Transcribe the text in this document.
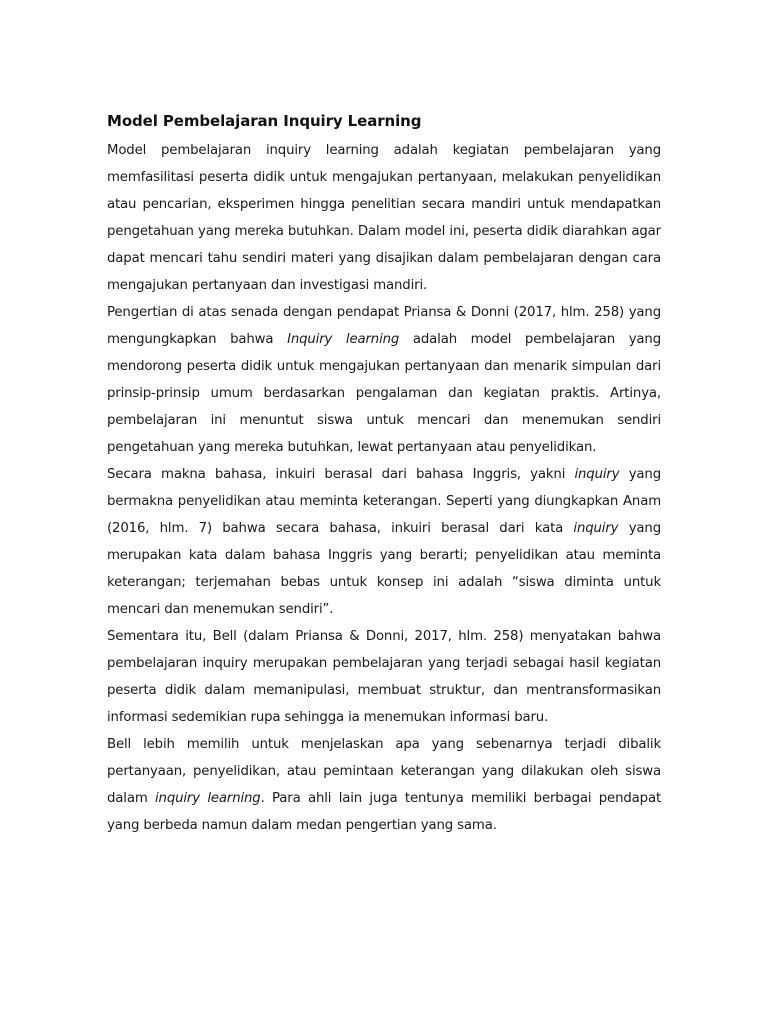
Model Pembelajaran Inquiry Learning

Model pembelajaran inquiry learning adalah kegiatan pembelajaran yang memfasilitasi peserta didik untuk mengajukan pertanyaan, melakukan penyelidikan atau pencarian, eksperimen hingga penelitian secara mandiri untuk mendapatkan pengetahuan yang mereka butuhkan. Dalam model ini, peserta didik diarahkan agar dapat mencari tahu sendiri materi yang disajikan dalam pembelajaran dengan cara mengajukan pertanyaan dan investigasi mandiri.

Pengertian di atas senada dengan pendapat Priansa & Donni (2017, hlm. 258) yang mengungkapkan bahwa Inquiry learning adalah model pembelajaran yang mendorong peserta didik untuk mengajukan pertanyaan dan menarik simpulan dari prinsip-prinsip umum berdasarkan pengalaman dan kegiatan praktis. Artinya, pembelajaran ini menuntut siswa untuk mencari dan menemukan sendiri pengetahuan yang mereka butuhkan, lewat pertanyaan atau penyelidikan.

Secara makna bahasa, inkuiri berasal dari bahasa Inggris, yakni inquiry yang bermakna penyelidikan atau meminta keterangan. Seperti yang diungkapkan Anam (2016, hlm. 7) bahwa secara bahasa, inkuiri berasal dari kata inquiry yang merupakan kata dalam bahasa Inggris yang berarti; penyelidikan atau meminta keterangan; terjemahan bebas untuk konsep ini adalah “siswa diminta untuk mencari dan menemukan sendiri”.

Sementara itu, Bell (dalam Priansa & Donni, 2017, hlm. 258) menyatakan bahwa pembelajaran inquiry merupakan pembelajaran yang terjadi sebagai hasil kegiatan peserta didik dalam memanipulasi, membuat struktur, dan mentransformasikan informasi sedemikian rupa sehingga ia menemukan informasi baru.

Bell lebih memilih untuk menjelaskan apa yang sebenarnya terjadi dibalik pertanyaan, penyelidikan, atau pemintaan keterangan yang dilakukan oleh siswa dalam inquiry learning. Para ahli lain juga tentunya memiliki berbagai pendapat yang berbeda namun dalam medan pengertian yang sama.
